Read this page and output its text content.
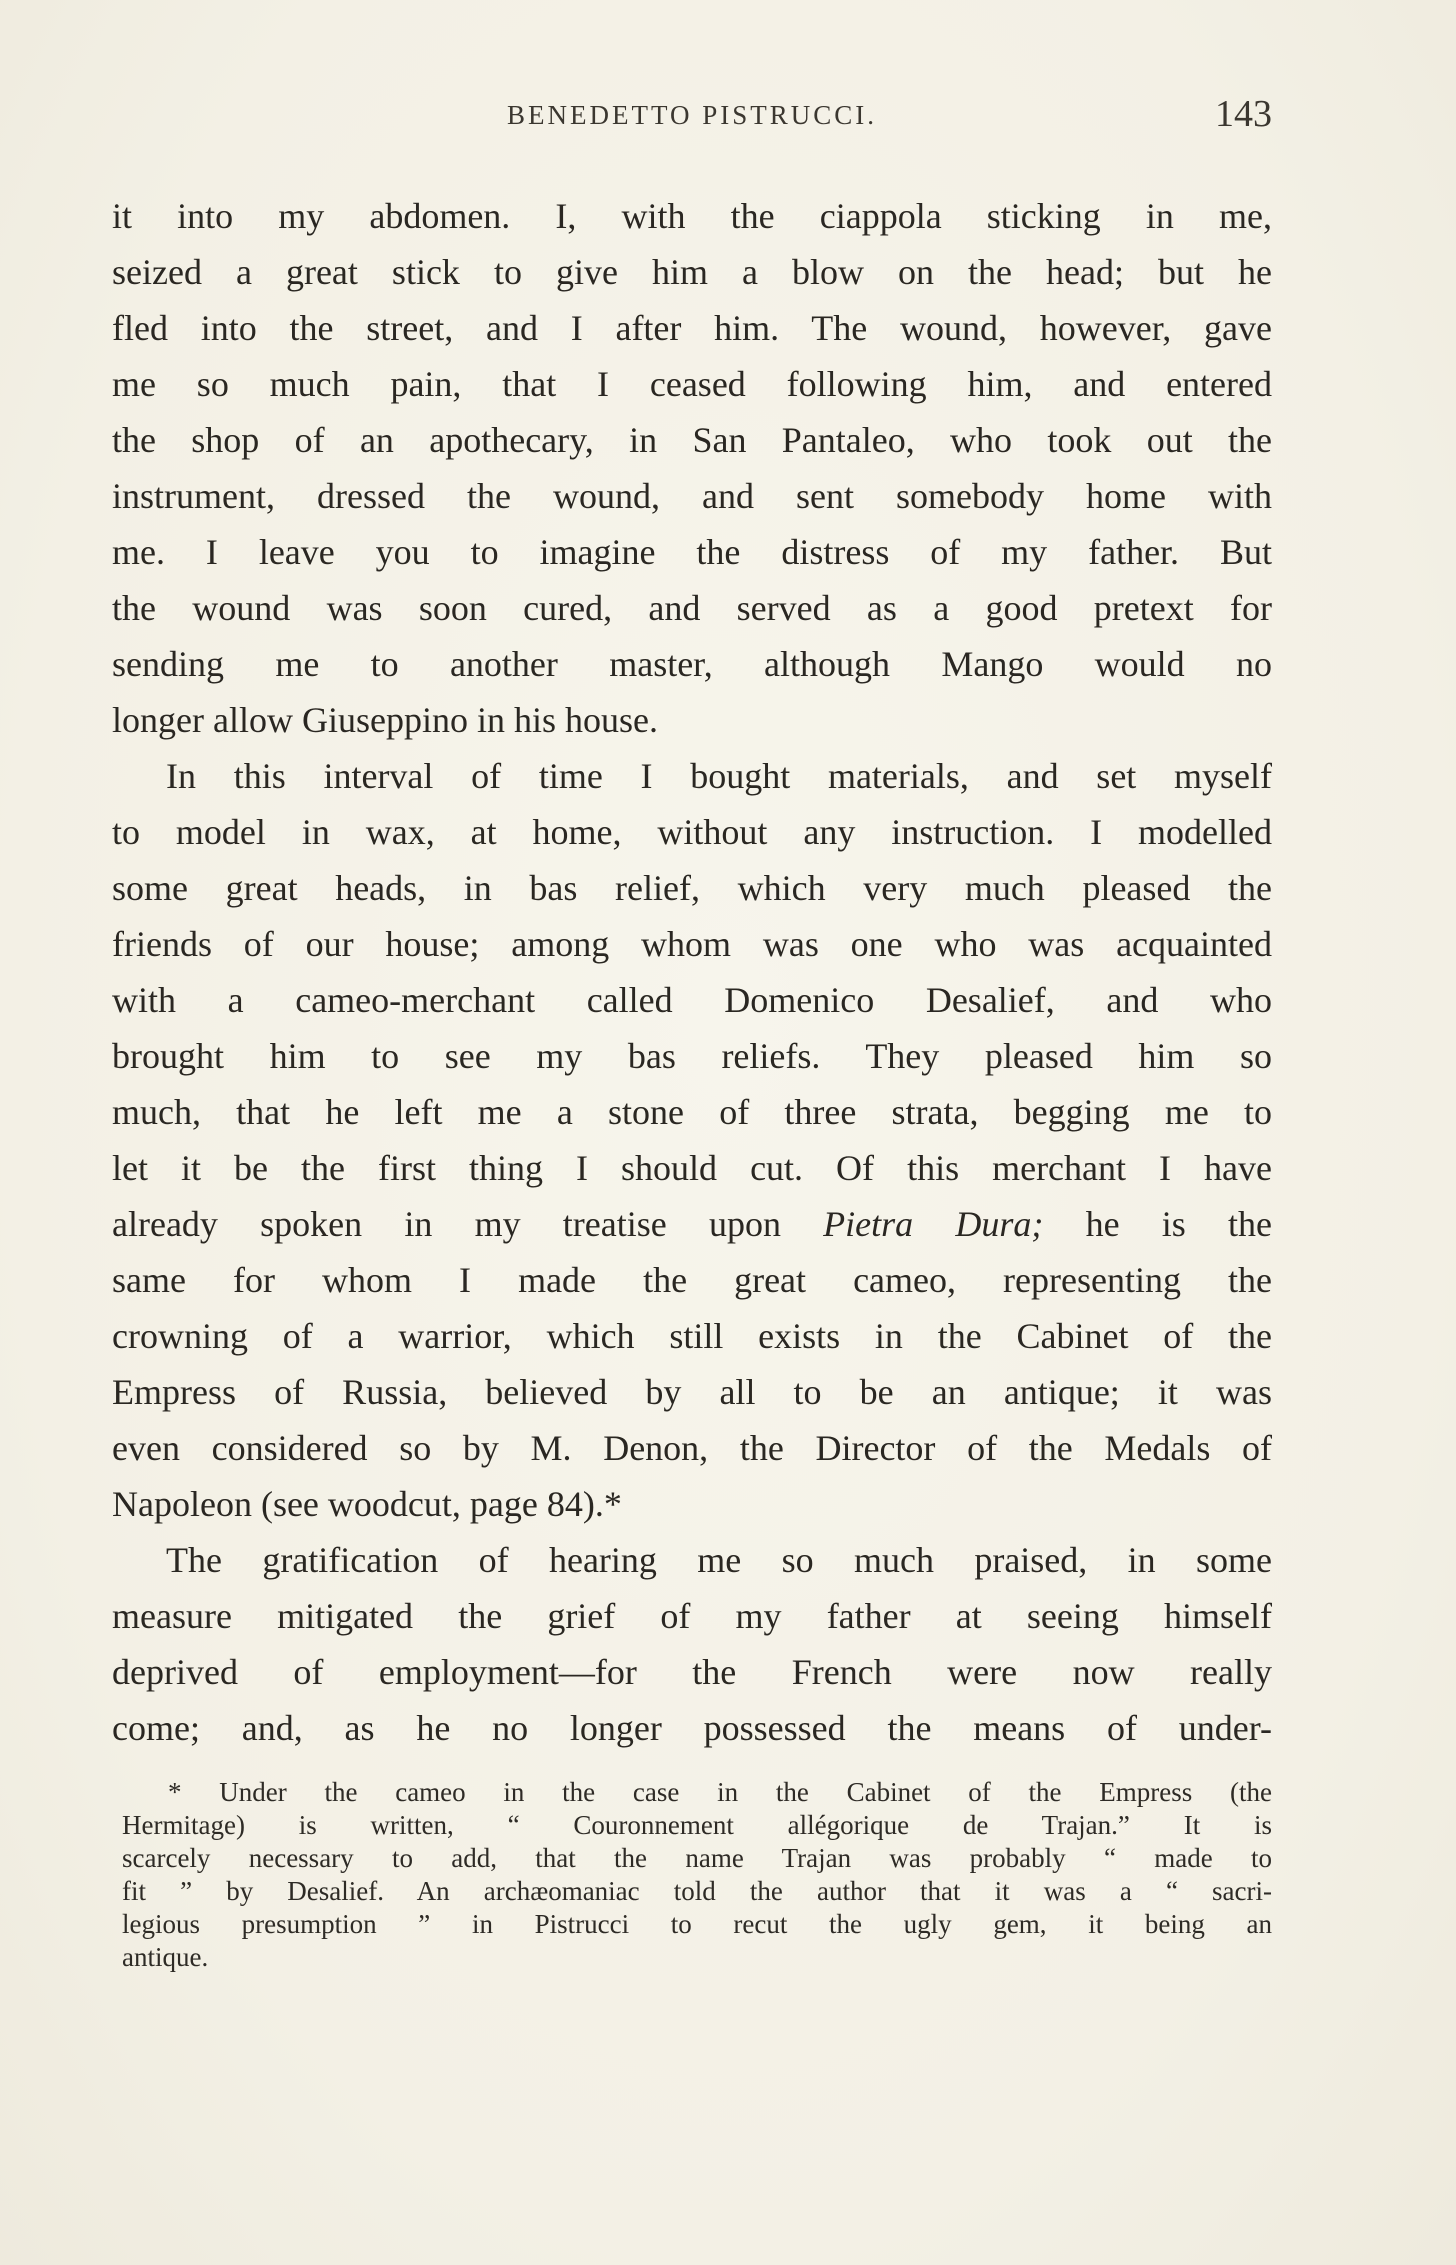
BENEDETTO PISTRUCCI.	143
it into my abdomen. I, with the ciappola sticking in me,
seized a great stick to give him a blow on the head; but he
fled into the street, and I after him. The wound, however, gave
me so much pain, that I ceased following him, and entered
the shop of an apothecary, in San Pantaleo, who took out the
instrument, dressed the wound, and sent somebody home with
me. I leave you to imagine the distress of my father. But
the wound was soon cured, and served as a good pretext for
sending me to another master, although Mango would no
longer allow Giuseppino in his house.
In this interval of time I bought materials, and set myself
to model in wax, at home, without any instruction. I modelled
some great heads, in bas relief, which very much pleased the
friends of our house; among whom was one who was acquainted
with a cameo-merchant called Domenico Desalief, and who
brought him to see my bas reliefs. They pleased him so
much, that he left me a stone of three strata, begging me to
let it be the first thing I should cut. Of this merchant I have
already spoken in my treatise upon Pietra Dura; he is the
same for whom I made the great cameo, representing the
crowning of a warrior, which still exists in the Cabinet of the
Empress of Russia, believed by all to be an antique; it was
even considered so by M. Denon, the Director of the Medals of
Napoleon (see woodcut, page 84).*
The gratification of hearing me so much praised, in some
measure mitigated the grief of my father at seeing himself
deprived of employment—for the French were now really
come; and, as he no longer possessed the means of under-
* Under the cameo in the case in the Cabinet of the Empress (the
Hermitage) is written, “ Couronnement allégorique de Trajan.” It is
scarcely necessary to add, that the name Trajan was probably “ made to
fit ” by Desalief. An archæomaniac told the author that it was a “ sacri-
legious presumption ” in Pistrucci to recut the ugly gem, it being an
antique.
